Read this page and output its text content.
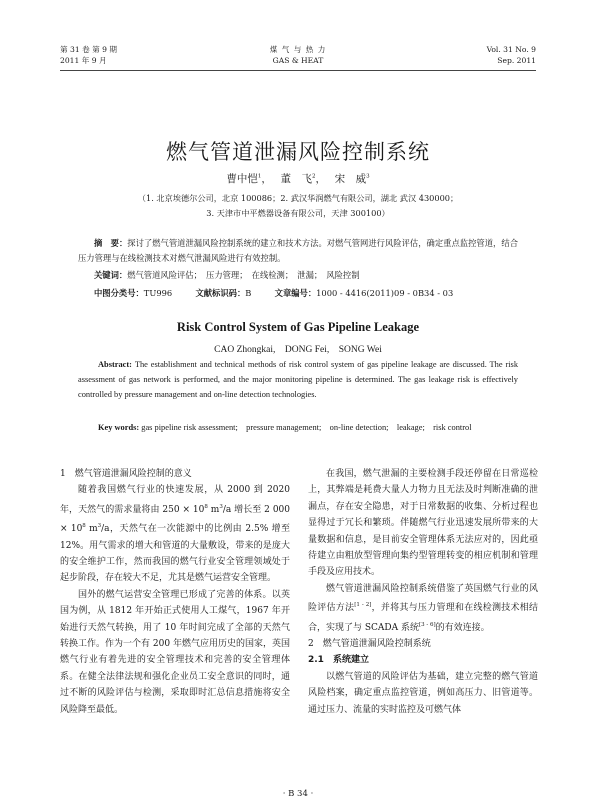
第 31 卷 第 9 期
2011 年 9 月
煤 气 与 热 力
GAS & HEAT
Vol. 31 No. 9
Sep. 2011
燃气管道泄漏风险控制系统
曹中恺$^1$，　 董　飞$^2$，　 宋　威$^3$
（1. 北京埃德尔公司，北京 100086；2. 武汉华润燃气有限公司，湖北 武汉 430000；
3. 天津市中平燃器设备有限公司，天津 300100）
摘　要：探讨了燃气管道泄漏风险控制系统的建立和技术方法。对燃气管网进行风险评估，确定重点监控管道，结合压力管理与在线检测技术对燃气泄漏风险进行有效控制。
关键词：燃气管道风险评估；　压力管理；　在线检测；　泄漏；　风险控制
中图分类号：TU996	文献标识码：B	文章编号：1000 - 4416(2011)09 - 0B34 - 03
Risk Control System of Gas Pipeline Leakage
CAO Zhongkai,　DONG Fei,　SONG Wei
Abstract: The establishment and technical methods of risk control system of gas pipeline leakage are discussed. The risk assessment of gas network is performed, and the major monitoring pipeline is determined. The gas leakage risk is effectively controlled by pressure management and on-line detection technologies.
Key words: gas pipeline risk assessment;　pressure management;　on-line detection;　leakage;　risk control

1　燃气管道泄漏风险控制的意义

随着我国燃气行业的快速发展，从 2000 到 2020 年，天然气的需求量将由 $250 \times 10^8$ $m^3/a$ 增长至 2 $000 \times 10^8$ $m^3/a$，天然气在一次能源中的比例由 2.5% 增至 12%。用气需求的增大和管道的大量敷设，带来的是庞大的安全维护工作，然而我国的燃气行业安全管理领域处于起步阶段，存在较大不足，尤其是燃气运营安全管理。

国外的燃气运营安全管理已形成了完善的体系。以英国为例，从 1812 年开始正式使用人工煤气，1967 年开始进行天然气转换，用了 10 年时间完成了全部的天然气转换工作。作为一个有 200 年燃气应用历史的国家，英国燃气行业有着先进的安全管理技术和完善的安全管理体系。在健全法律法规和强化企业员工安全意识的同时，通过不断的风险评估与检测，采取即时汇总信息措施将安全风险降至最低。

在我国，燃气泄漏的主要检测手段还停留在日常巡检上，其弊端是耗费大量人力物力且无法及时判断准确的泄漏点，存在安全隐患，对于日常数据的收集、分析过程也显得过于冗长和繁琐。伴随燃气行业迅速发展所带来的大量数据和信息，是目前安全管理体系无法应对的，因此亟待建立由粗放型管理向集约型管理转变的相应机制和管理手段及应用技术。

燃气管道泄漏风险控制系统借鉴了英国燃气行业的风险评估方法[1 - 2]，并将其与压力管理和在线检测技术相结合，实现了与 SCADA 系统[3 - 6]的有效连接。

2　燃气管道泄漏风险控制系统

2.1　系统建立

以燃气管道的风险评估为基础，建立完整的燃气管道风险档案，确定重点监控管道，例如高压力、旧管道等。通过压力、流量的实时监控及可燃气体

· B 34 ·
